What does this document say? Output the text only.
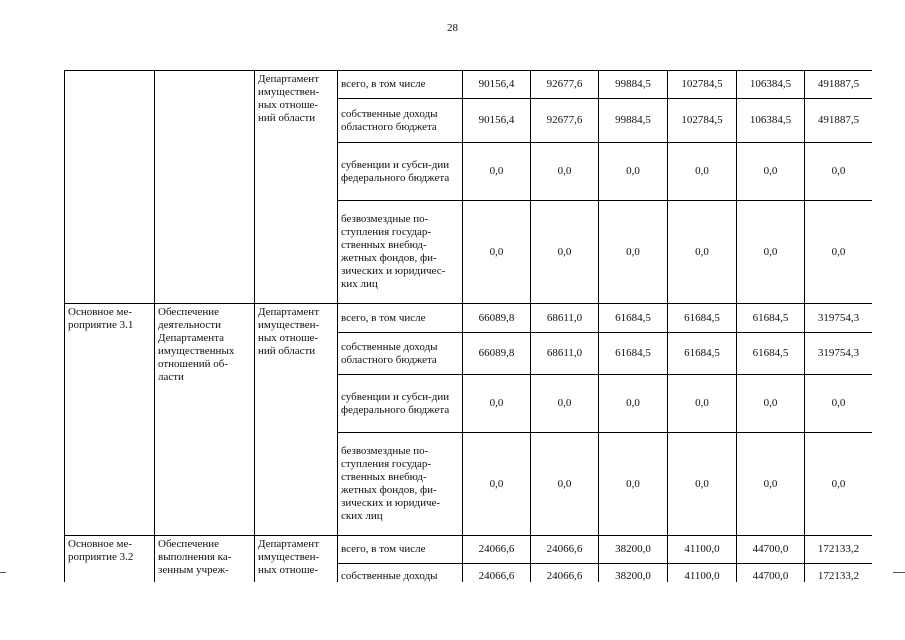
28
		Департамент имуществен-ных отноше-ний области	всего, в том числе	90156,4	92677,6	99884,5	102784,5	106384,5	491887,5
			собственные доходы областного бюджета	90156,4	92677,6	99884,5	102784,5	106384,5	491887,5
			субвенции и субси-дии федерального бюджета	0,0	0,0	0,0	0,0	0,0	0,0
			безвозмездные по-ступления государ-ственных внебюд-жетных фондов, фи-зических и юридичес-ких лиц	0,0	0,0	0,0	0,0	0,0	0,0
Основное ме-роприятие 3.1	Обеспечение деятельности Департамента имущественных отношений об-ласти	Департамент имуществен-ных отноше-ний области	всего, в том числе	66089,8	68611,0	61684,5	61684,5	61684,5	319754,3
			собственные доходы областного бюджета	66089,8	68611,0	61684,5	61684,5	61684,5	319754,3
			субвенции и субси-дии федерального бюджета	0,0	0,0	0,0	0,0	0,0	0,0
			безвозмездные по-ступления государ-ственных внебюд-жетных фондов, фи-зических и юридиче-ских лиц	0,0	0,0	0,0	0,0	0,0	0,0
Основное ме-роприятие 3.2	Обеспечение выполнения ка-зенным учреж-	Департамент имуществен-ных отноше-	всего, в том числе	24066,6	24066,6	38200,0	41100,0	44700,0	172133,2
			собственные доходы	24066,6	24066,6	38200,0	41100,0	44700,0	172133,2
